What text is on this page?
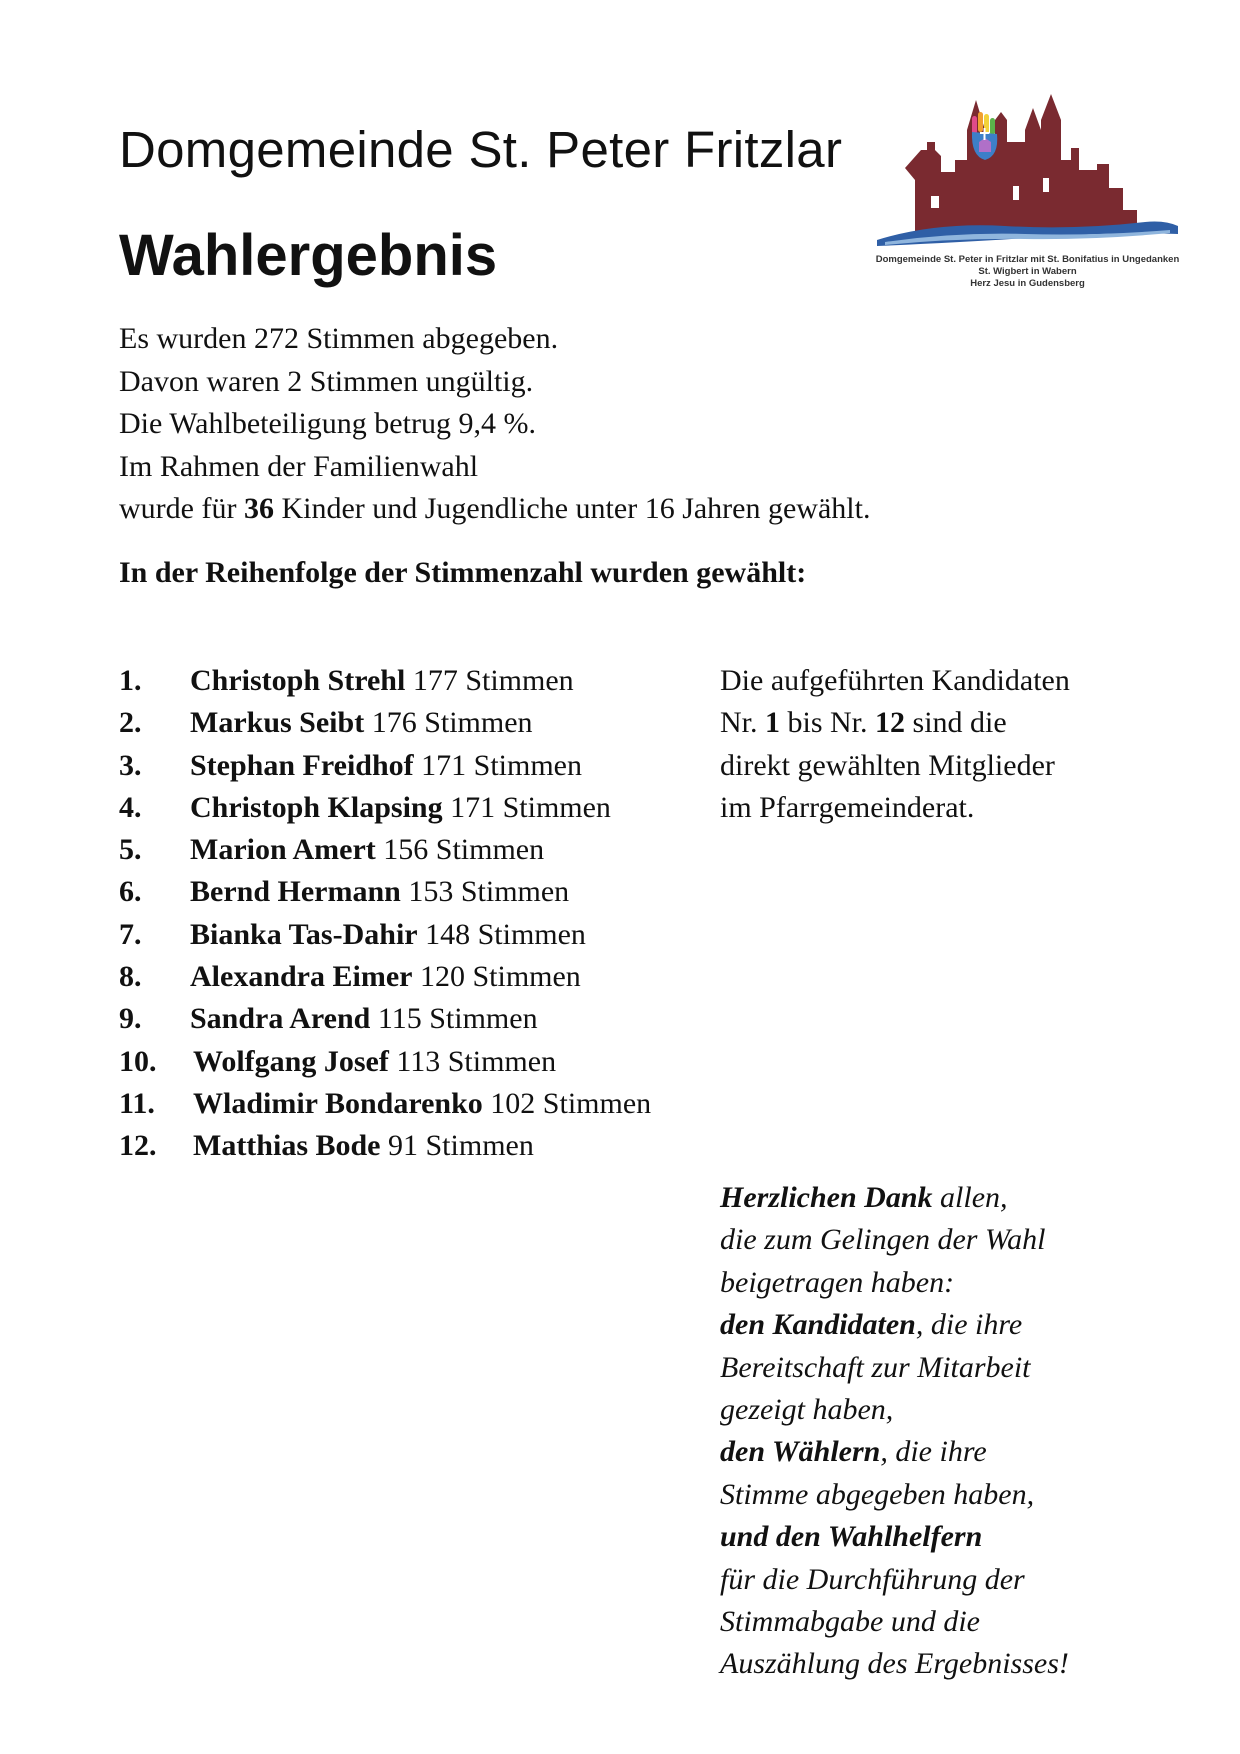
Domgemeinde St. Peter Fritzlar
Wahlergebnis	Domgemeinde St. Peter in Fritzlar mit St. Bonifatius in Ungedanken
St. Wigbert in Wabern
Herz Jesu in Gudensberg
Es wurden 272 Stimmen abgegeben.
Davon waren 2 Stimmen ungültig.
Die Wahlbeteiligung betrug 9,4 %.
Im Rahmen der Familienwahl
wurde für 36 Kinder und Jugendliche unter 16 Jahren gewählt.
In der Reihenfolge der Stimmenzahl wurden gewählt:
1. Christoph Strehl 177 Stimmen
2. Markus Seibt 176 Stimmen
3. Stephan Freidhof 171 Stimmen
4. Christoph Klapsing 171 Stimmen
5. Marion Amert 156 Stimmen
6. Bernd Hermann 153 Stimmen
7. Bianka Tas-Dahir 148 Stimmen
8. Alexandra Eimer 120 Stimmen
9. Sandra Arend 115 Stimmen
10. Wolfgang Josef 113 Stimmen
11. Wladimir Bondarenko 102 Stimmen
12. Matthias Bode 91 Stimmen
Die aufgeführten Kandidaten
Nr. 1 bis Nr. 12 sind die
direkt gewählten Mitglieder
im Pfarrgemeinderat.
Herzlichen Dank allen,
die zum Gelingen der Wahl
beigetragen haben:
den Kandidaten, die ihre
Bereitschaft zur Mitarbeit
gezeigt haben,
den Wählern, die ihre
Stimme abgegeben haben,
und den Wahlhelfern
für die Durchführung der
Stimmabgabe und die
Auszählung des Ergebnisses!
